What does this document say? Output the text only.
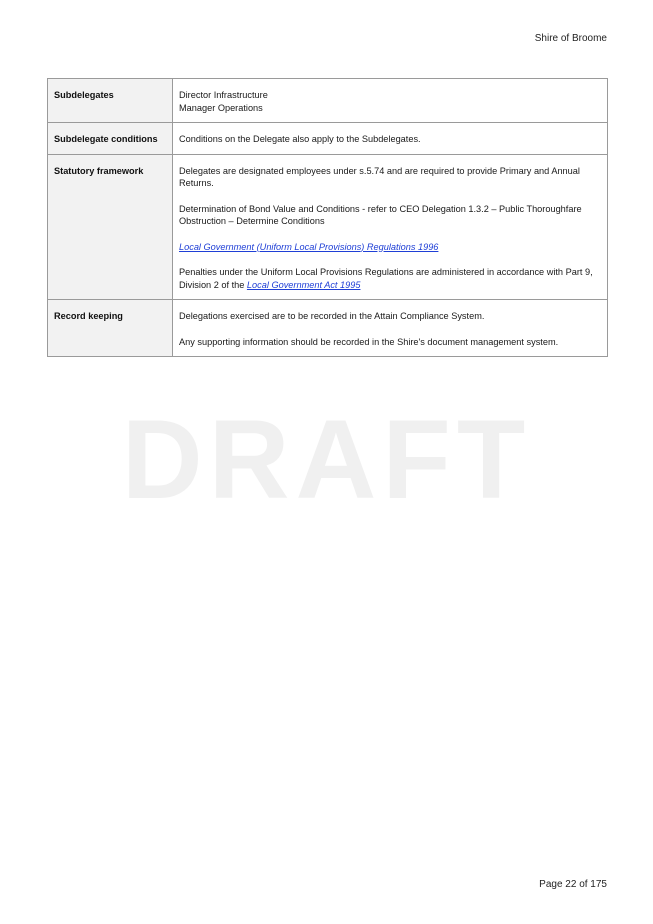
Shire of Broome
DRAFT
Subdelegates	Director Infrastructure
Manager Operations

Subdelegate conditions	Conditions on the Delegate also apply to the Subdelegates.

Statutory framework	Delegates are designated employees under s.5.74 and are required to provide Primary and Annual Returns.

Determination of Bond Value and Conditions - refer to CEO Delegation 1.3.2 – Public Thoroughfare Obstruction – Determine Conditions

Local Government (Uniform Local Provisions) Regulations 1996

Penalties under the Uniform Local Provisions Regulations are administered in accordance with Part 9, Division 2 of the Local Government Act 1995

Record keeping	Delegations exercised are to be recorded in the Attain Compliance System.

Any supporting information should be recorded in the Shire's document management system.

Page 22 of 175
